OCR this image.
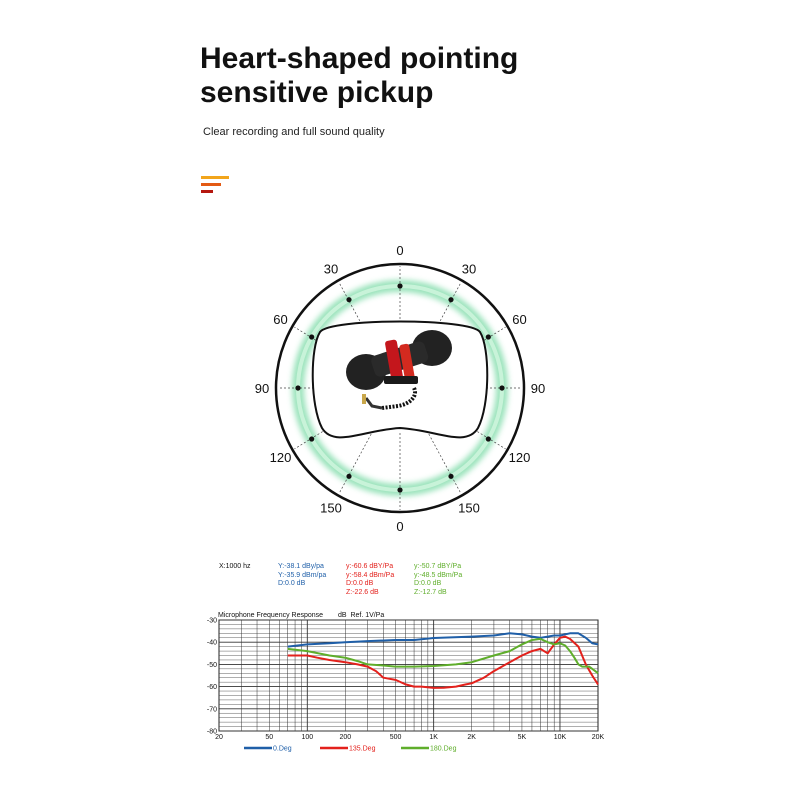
Heart-shaped pointing
sensitive pickup
Clear recording and full sound quality
0
30	30
60	60
90	90
120	120
150	150
0
X:1000 hz	Y:-38.1 dBy/pa
Y:-35.9 dBm/pa
D:0.0 dB
y:-60.6 dBY/Pa
y:-58.4 dBm/Pa
D:0.0 dB
Z:-22.6 dB
y:-50.7 dBY/Pa
y:-48.5 dBm/Pa
D:0.0 dB
Z:-12.7 dB
Microphone Frequency Response dB  Ref. 1V/Pa
20	50	100	200	500	1K	2K	5K	10K	20K
-30
-40
-50
-60
-70
-80
0.Deg	135.Deg	180.Deg
